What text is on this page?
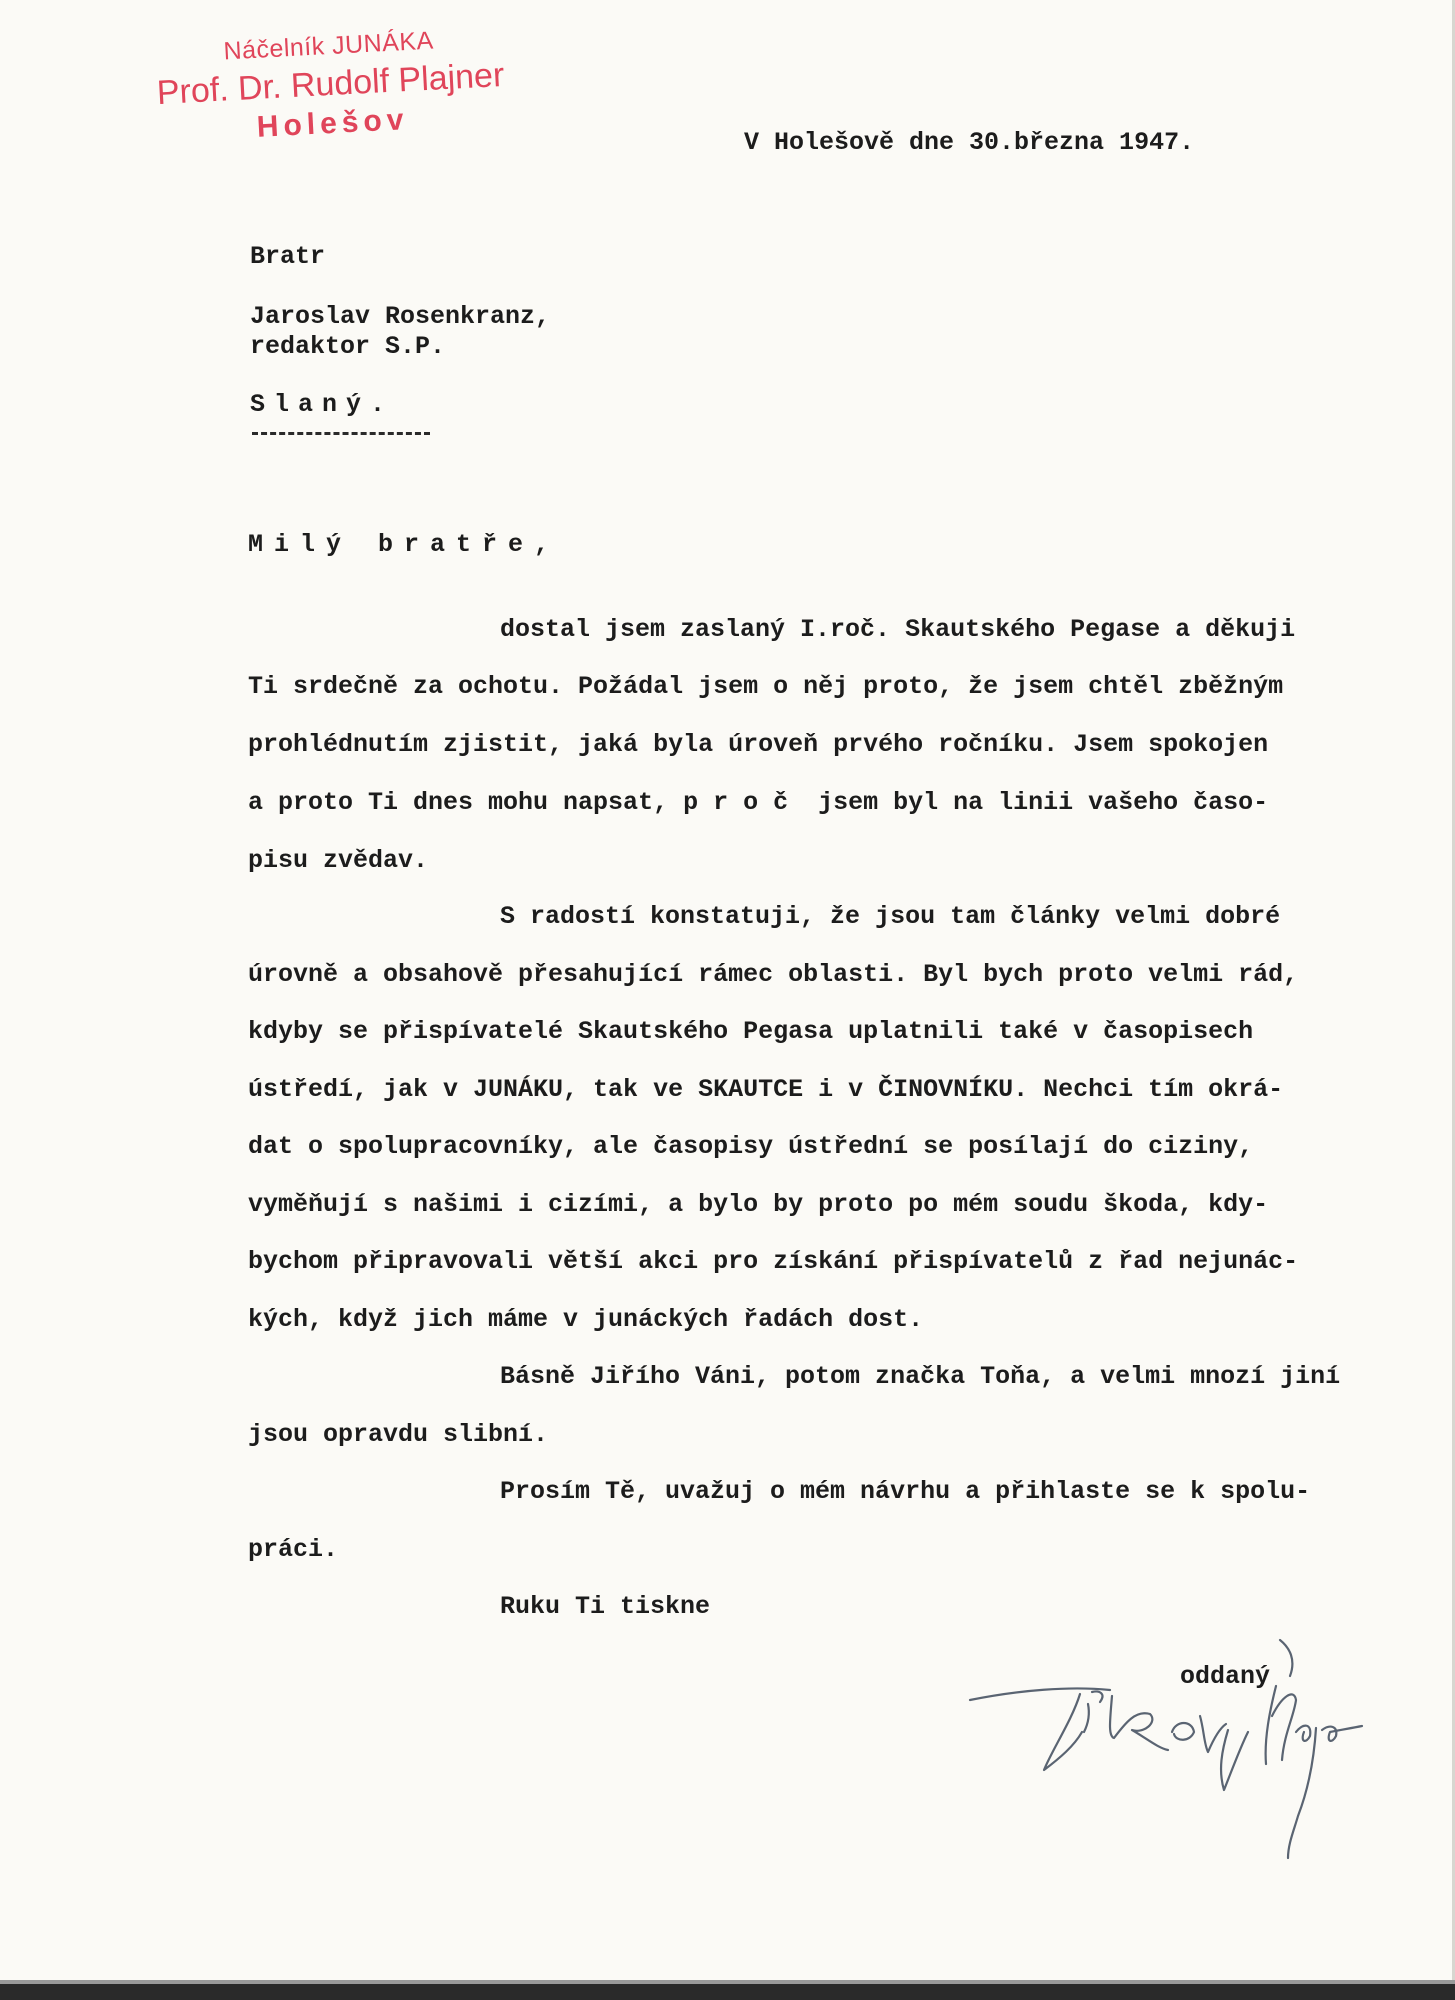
Náčelník JUNÁKA
Prof. Dr. Rudolf Plajner
Holešov	V Holešově dne 30.března 1947.

Bratr

Jaroslav Rosenkranz,

redaktor S.P.

Slaný.

Milý bratře,

dostal jsem zaslaný I.roč. Skautského Pegase a děkuji

Ti srdečně za ochotu. Požádal jsem o něj proto, že jsem chtěl zběžným

prohlédnutím zjistit, jaká byla úroveň prvého ročníku. Jsem spokojen

a proto Ti dnes mohu napsat, p r o č  jsem byl na linii vašeho časo-

pisu zvědav.

S radostí konstatuji, že jsou tam články velmi dobré

úrovně a obsahově přesahující rámec oblasti. Byl bych proto velmi rád,

kdyby se přispívatelé Skautského Pegasa uplatnili také v časopisech

ústředí, jak v JUNÁKU, tak ve SKAUTCE i v ČINOVNÍKU. Nechci tím okrá-

dat o spolupracovníky, ale časopisy ústřední se posílají do ciziny,

vyměňují s našimi i cizími, a bylo by proto po mém soudu škoda, kdy-

bychom připravovali větší akci pro získání přispívatelů z řad nejunác-

kých, když jich máme v junáckých řadách dost.

Básně Jiřího Váni, potom značka Toňa, a velmi mnozí jiní

jsou opravdu slibní.

Prosím Tě, uvažuj o mém návrhu a přihlaste se k spolu-

práci.

Ruku Ti tiskne

oddaný
